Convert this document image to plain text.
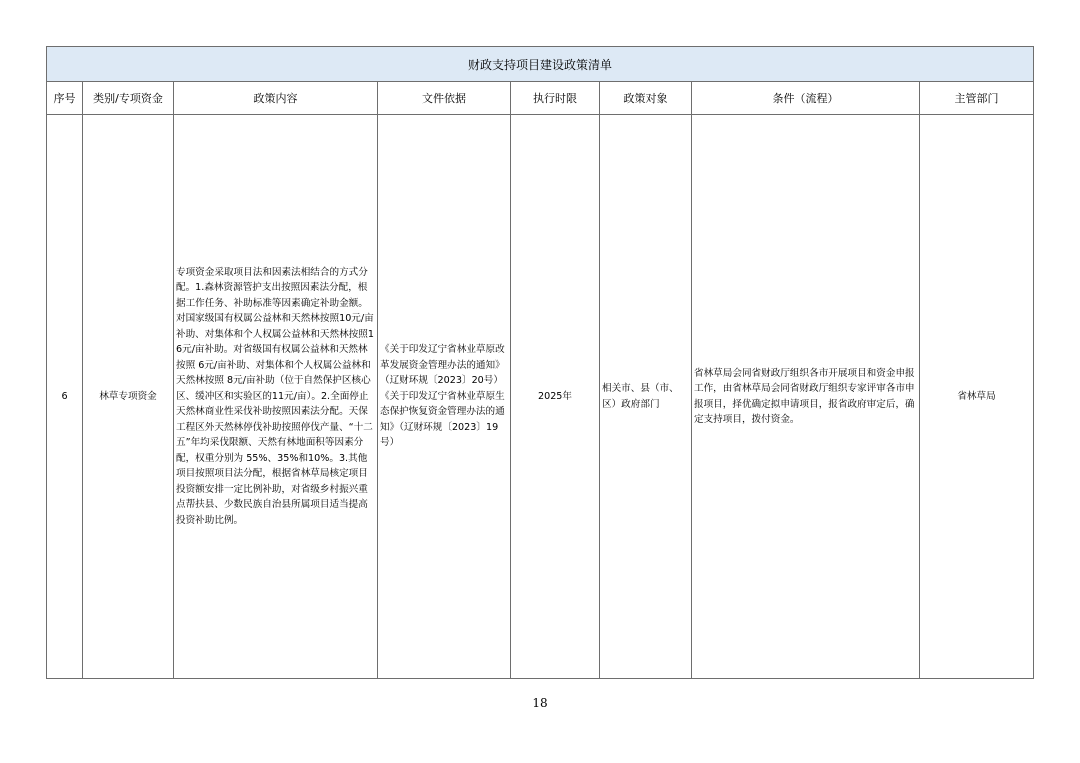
财政支持项目建设政策清单							
序号	类别/专项资金	政策内容	文件依据	执行时限	政策对象	条件（流程）	主管部门
6	林草专项资金	专项资金采取项目法和因素法相结合的方式分配。1.森林资源管护支出按照因素法分配，根据工作任务、补助标准等因素确定补助金额。对国家级国有权属公益林和天然林按照10元/亩补助、对集体和个人权属公益林和天然林按照16元/亩补助。对省级国有权属公益林和天然林按照 6元/亩补助、对集体和个人权属公益林和天然林按照 8元/亩补助（位于自然保护区核心区、缓冲区和实验区的11元/亩）。2.全面停止天然林商业性采伐补助按照因素法分配。天保工程区外天然林停伐补助按照停伐产量、“十二五”年均采伐限额、天然有林地面积等因素分配，权重分别为 55%、35%和10%。3.其他项目按照项目法分配，根据省林草局核定项目投资额安排一定比例补助，对省级乡村振兴重点帮扶县、少数民族自治县所属项目适当提高投资补助比例。	《关于印发辽宁省林业草原改革发展资金管理办法的通知》（辽财环规〔2023〕20号）《关于印发辽宁省林业草原生态保护恢复资金管理办法的通知》（辽财环规〔2023〕19号）	2025年	相关市、县（市、区）政府部门	省林草局会同省财政厅组织各市开展项目和资金申报工作，由省林草局会同省财政厅组织专家评审各市申报项目，择优确定拟申请项目，报省政府审定后，确定支持项目，拨付资金。	省林草局
18
